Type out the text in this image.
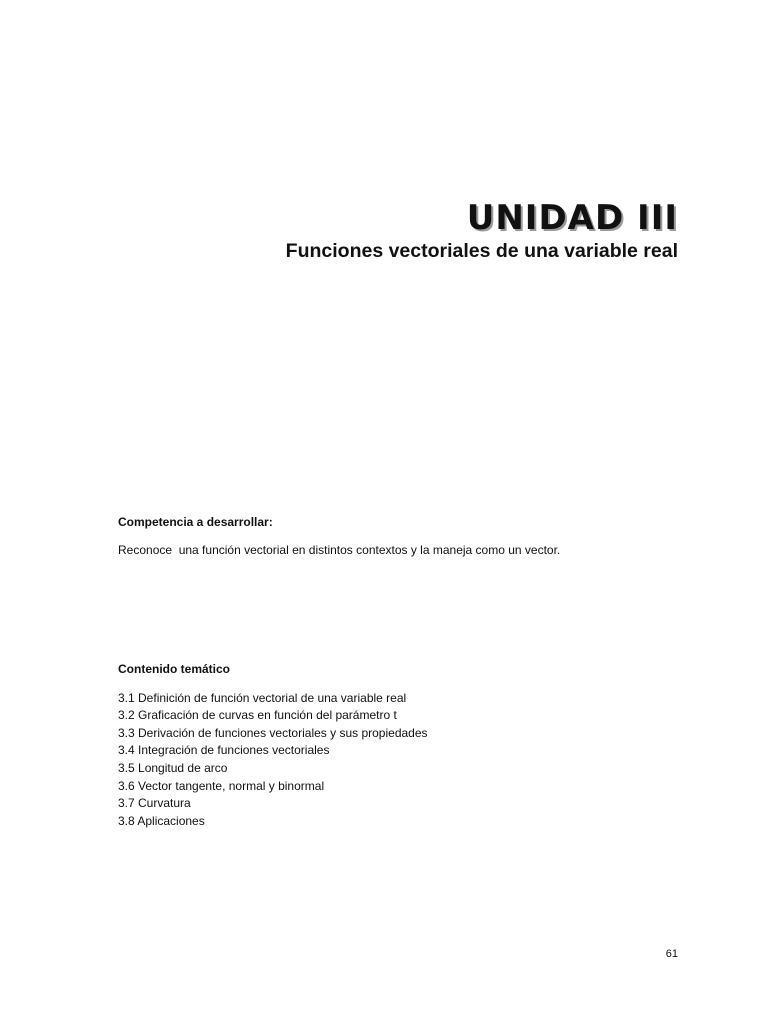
UNIDAD III
Funciones vectoriales de una variable real

Competencia a desarrollar:

Reconoce  una función vectorial en distintos contextos y la maneja como un vector.

Contenido temático

3.1 Definición de función vectorial de una variable real
3.2 Graficación de curvas en función del parámetro t
3.3 Derivación de funciones vectoriales y sus propiedades
3.4 Integración de funciones vectoriales
3.5 Longitud de arco
3.6 Vector tangente, normal y binormal
3.7 Curvatura
3.8 Aplicaciones

61
